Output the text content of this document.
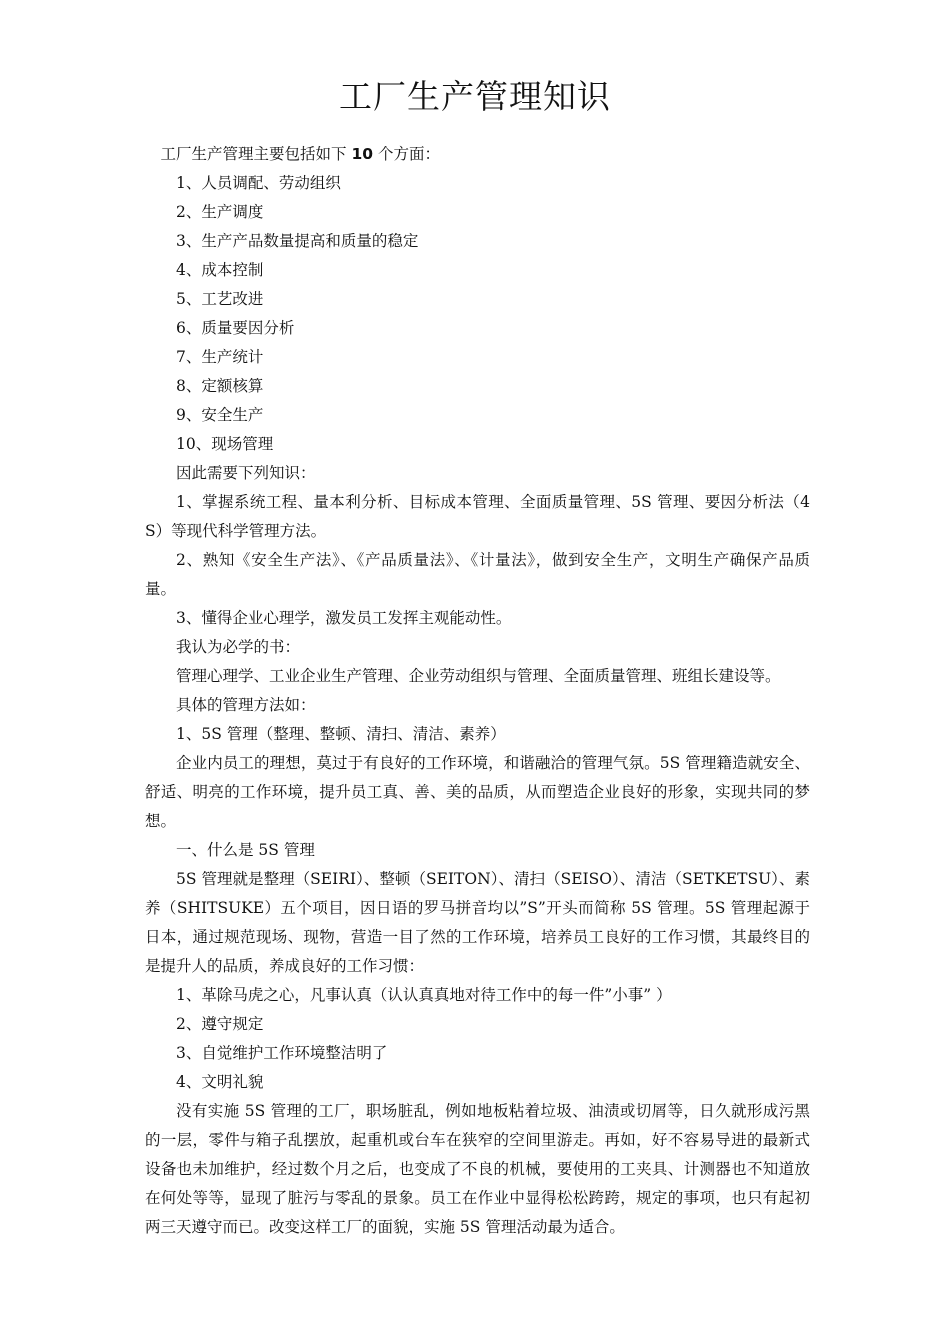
工厂生产管理知识

工厂生产管理主要包括如下 10 个方面：

1、人员调配、劳动组织

2、生产调度

3、生产产品数量提高和质量的稳定

4、成本控制

5、工艺改进

6、质量要因分析

7、生产统计

8、定额核算

9、安全生产

10、现场管理

因此需要下列知识：

1、掌握系统工程、量本利分析、目标成本管理、全面质量管理、5S 管理、要因分析法（4S）等现代科学管理方法。

2、熟知《安全生产法》、《产品质量法》、《计量法》，做到安全生产，文明生产确保产品质量。

3、懂得企业心理学，激发员工发挥主观能动性。

我认为必学的书：

管理心理学、工业企业生产管理、企业劳动组织与管理、全面质量管理、班组长建设等。

具体的管理方法如：

1、5S 管理（整理、整顿、清扫、清洁、素养）

企业内员工的理想，莫过于有良好的工作环境，和谐融洽的管理气氛。5S 管理籍造就安全、舒适、明亮的工作环境，提升员工真、善、美的品质，从而塑造企业良好的形象，实现共同的梦想。

一、什么是 5S 管理

5S 管理就是整理（SEIRI）、整顿（SEITON）、清扫（SEISO）、清洁（SETKETSU）、素养（SHITSUKE）五个项目，因日语的罗马拼音均以”S”开头而简称 5S 管理。5S 管理起源于日本，通过规范现场、现物，营造一目了然的工作环境，培养员工良好的工作习惯，其最终目的是提升人的品质，养成良好的工作习惯：

1、革除马虎之心，凡事认真（认认真真地对待工作中的每一件”小事” ）

2、遵守规定

3、自觉维护工作环境整洁明了

4、文明礼貌

没有实施 5S 管理的工厂，职场脏乱，例如地板粘着垃圾、油渍或切屑等，日久就形成污黑的一层，零件与箱子乱摆放，起重机或台车在狭窄的空间里游走。再如，好不容易导进的最新式设备也未加维护，经过数个月之后，也变成了不良的机械，要使用的工夹具、计测器也不知道放在何处等等，显现了脏污与零乱的景象。员工在作业中显得松松跨跨，规定的事项，也只有起初两三天遵守而已。改变这样工厂的面貌，实施 5S 管理活动最为适合。
